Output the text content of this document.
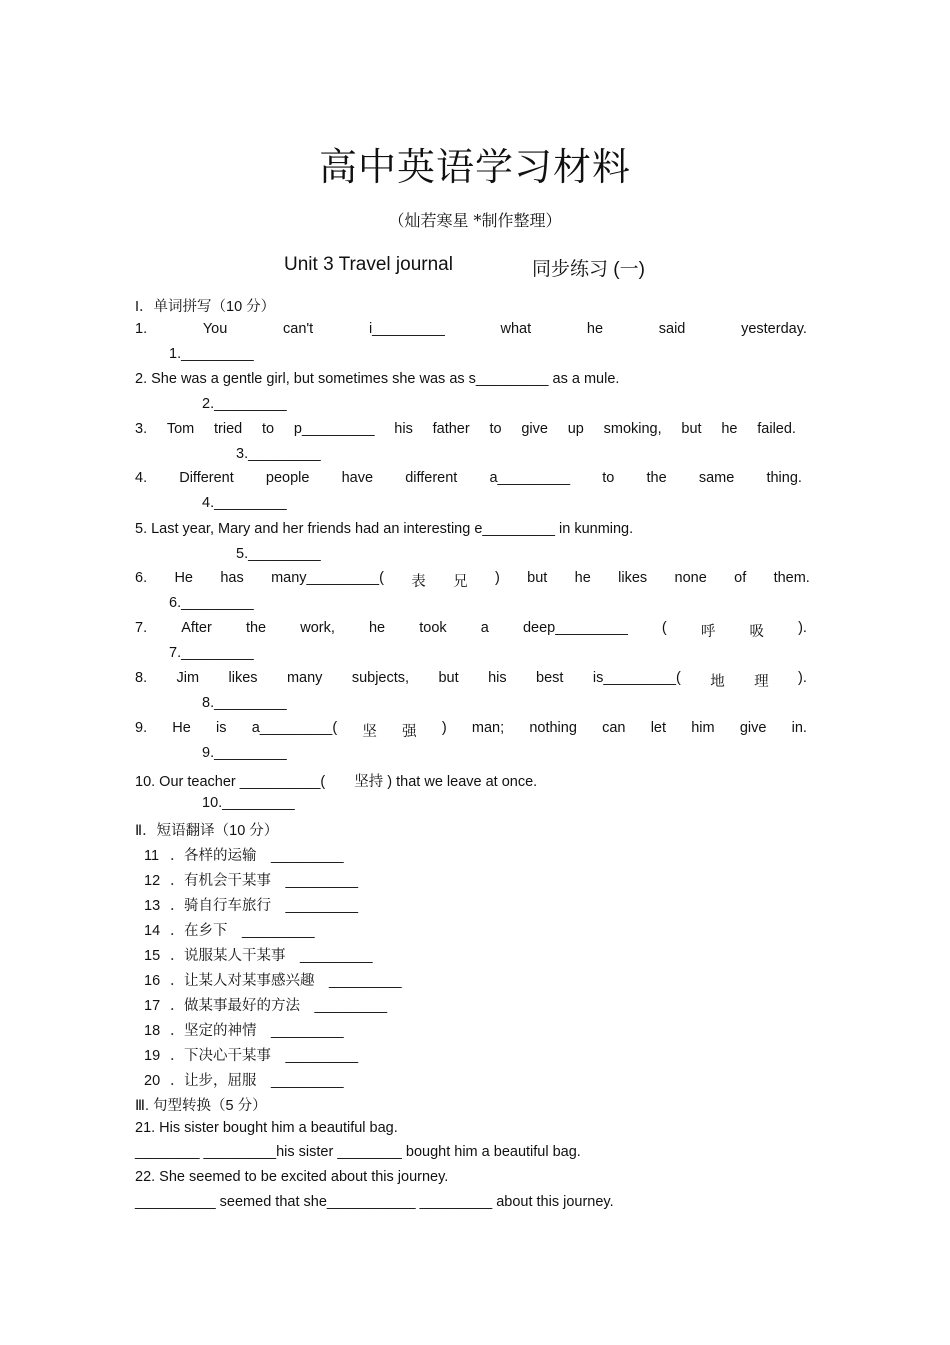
高中英语学习材料
（灿若寒星 *制作整理）
Unit 3 Travel journal	同步练习 (一)
I．单词拼写（10 分）
1.	You	can't	i_________	what	he	said	yesterday.
1._________
2. She was a gentle girl, but sometimes she was as s_________ as a mule.
2._________
3. Tom tried to p_________ his father to give up smoking, but he failed.
3._________
4. Different people have different a_________ to the same thing.
4._________
5. Last year, Mary and her friends had an interesting e_________ in kunming.
5._________
6. He has many_________( 表 兄 ) but he likes none of them.
6._________
7. After the work, he took a deep_________ ( 呼 吸 ).
7._________
8. Jim likes many subjects, but his best is_________( 地 理 ).
8._________
9. He is a_________( 坚 强 ) man; nothing can let him give in.
9._________
10. Our teacher __________(　　坚持 ) that we leave at once.
10._________
Ⅱ．短语翻译（10 分）
11 ．各样的运输　_________
12 ．有机会干某事　_________
13 ．骑自行车旅行　_________
14 ．在乡下　_________
15 ．说服某人干某事　_________
16 ．让某人对某事感兴趣　_________
17 ．做某事最好的方法　_________
18 ．坚定的神情　_________
19 ．下决心干某事　_________
20 ．让步，屈服　_________
Ⅲ. 句型转换（5 分）
21. His sister bought him a beautiful bag.
________ _________his sister ________ bought him a beautiful bag.
22. She seemed to be excited about this journey.
__________ seemed that she___________ _________ about this journey.
